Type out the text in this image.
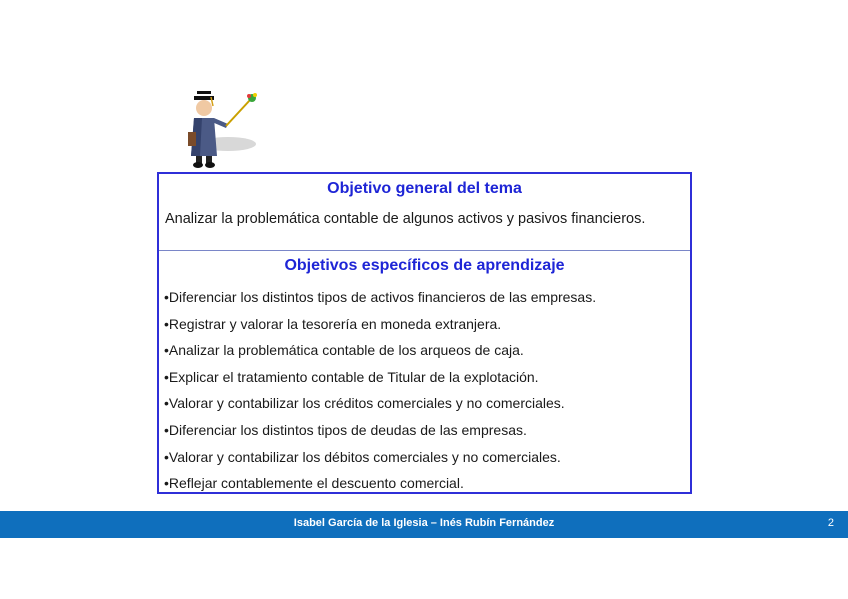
Objetivo general del tema
Analizar la problemática contable de algunos activos y pasivos financieros.
Objetivos específicos de aprendizaje
•Diferenciar los distintos tipos de activos financieros de las empresas.
•Registrar y valorar la tesorería en moneda extranjera.
•Analizar la problemática contable de los arqueos de caja.
•Explicar el tratamiento contable de Titular de la explotación.
•Valorar y contabilizar los créditos comerciales y no comerciales.
•Diferenciar los distintos tipos de deudas de las empresas.
•Valorar y contabilizar los débitos comerciales y no comerciales.
•Reflejar contablemente el descuento comercial.
Isabel García de la Iglesia – Inés Rubín Fernández	2
